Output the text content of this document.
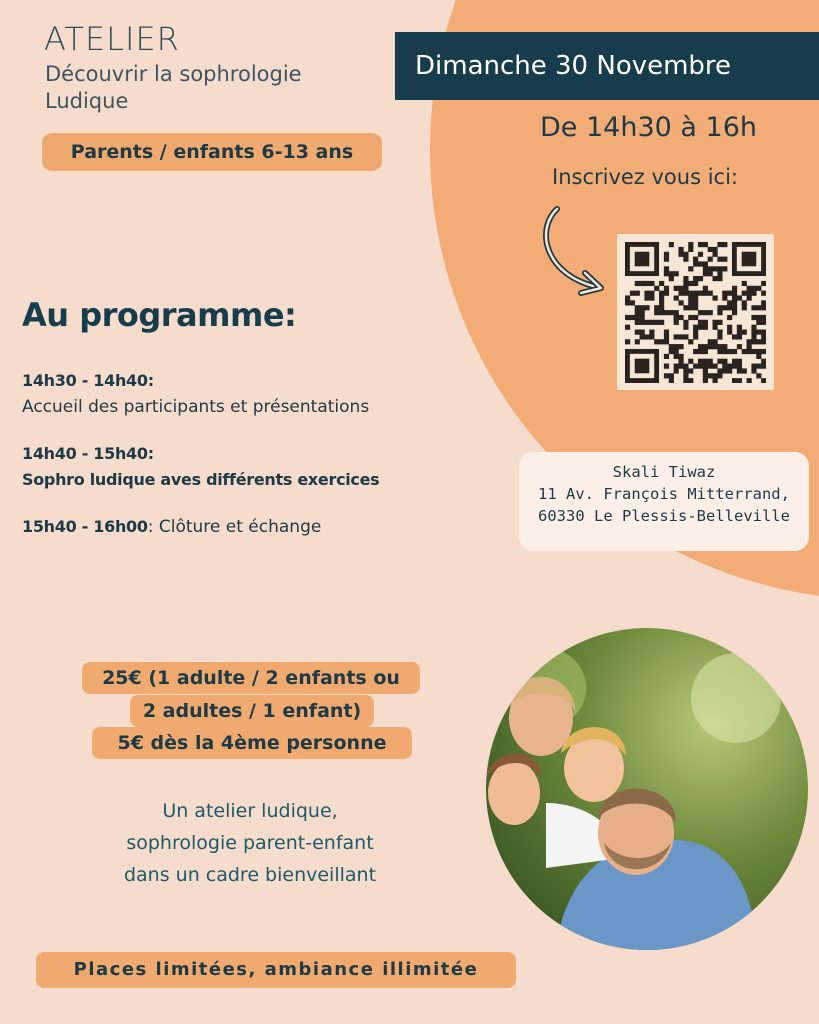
ATELIER
Découvrir la sophrologie Ludique
Parents / enfants 6-13 ans
Dimanche 30 Novembre
De 14h30 à 16h
Inscrivez vous ici:
Skali Tiwaz
11 Av. François Mitterrand,
60330 Le Plessis-Belleville
Au programme:
14h30 - 14h40:
Accueil des participants et présentations
14h40 - 15h40:
Sophro ludique aves différents exercices
15h40 - 16h00: Clôture et échange
25€ (1 adulte / 2 enfants ou
2 adultes / 1 enfant)
5€ dès la 4ème personne
Un atelier ludique,
sophrologie parent-enfant
dans un cadre bienveillant
Places limitées, ambiance illimitée
